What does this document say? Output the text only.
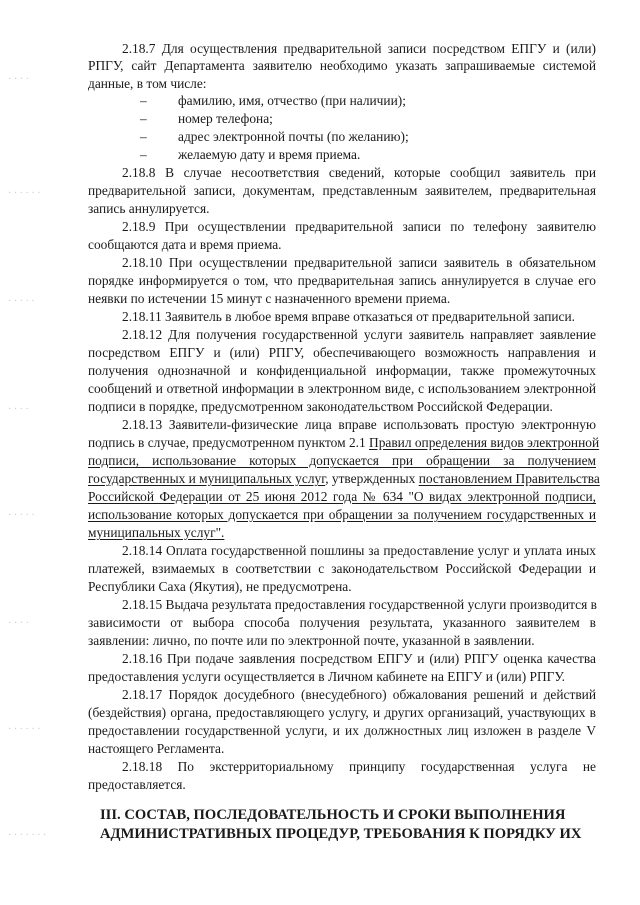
· · · ·
· · · · · ·
· · · · ·
· · · ·
· · · · ·
· · · ·
· · · · · ·
· · · · · · ·
2.18.7 Для осуществления предварительной записи посредством ЕПГУ и (или)
РПГУ, сайт Департамента заявителю необходимо указать запрашиваемые системой
данные, в том числе:
– фамилию, имя, отчество (при наличии);
– номер телефона;
– адрес электронной почты (по желанию);
– желаемую дату и время приема.
2.18.8 В случае несоответствия сведений, которые сообщил заявитель при
предварительной записи, документам, представленным заявителем, предварительная
запись аннулируется.
2.18.9 При осуществлении предварительной записи по телефону заявителю
сообщаются дата и время приема.
2.18.10 При осуществлении предварительной записи заявитель в обязательном
порядке информируется о том, что предварительная запись аннулируется в случае его
неявки по истечении 15 минут с назначенного времени приема.
2.18.11 Заявитель в любое время вправе отказаться от предварительной записи.
2.18.12 Для получения государственной услуги заявитель направляет заявление
посредством ЕПГУ и (или) РПГУ, обеспечивающего возможность направления и
получения однозначной и конфиденциальной информации, также промежуточных
сообщений и ответной информации в электронном виде, с использованием электронной
подписи в порядке, предусмотренном законодательством Российской Федерации.
2.18.13 Заявители-физические лица вправе использовать простую электронную
подпись в случае, предусмотренном пунктом 2.1 Правил определения видов электронной
подписи, использование которых допускается при обращении за получением
государственных и муниципальных услуг, утвержденных постановлением Правительства
Российской Федерации от 25 июня 2012 года № 634 "О видах электронной подписи,
использование которых допускается при обращении за получением государственных и
муниципальных услуг".
2.18.14 Оплата государственной пошлины за предоставление услуг и уплата иных
платежей, взимаемых в соответствии с законодательством Российской Федерации и
Республики Саха (Якутия), не предусмотрена.
2.18.15 Выдача результата предоставления государственной услуги производится в
зависимости от выбора способа получения результата, указанного заявителем в
заявлении: лично, по почте или по электронной почте, указанной в заявлении.
2.18.16 При подаче заявления посредством ЕПГУ и (или) РПГУ оценка качества
предоставления услуги осуществляется в Личном кабинете на ЕПГУ и (или) РПГУ.
2.18.17 Порядок досудебного (внесудебного) обжалования решений и действий
(бездействия) органа, предоставляющего услугу, и других организаций, участвующих в
предоставлении государственной услуги, и их должностных лиц изложен в разделе V
настоящего Регламента.
2.18.18 По экстерриториальному принципу государственная услуга не
предоставляется.
III. СОСТАВ, ПОСЛЕДОВАТЕЛЬНОСТЬ И СРОКИ ВЫПОЛНЕНИЯ
АДМИНИСТРАТИВНЫХ ПРОЦЕДУР, ТРЕБОВАНИЯ К ПОРЯДКУ ИХ
